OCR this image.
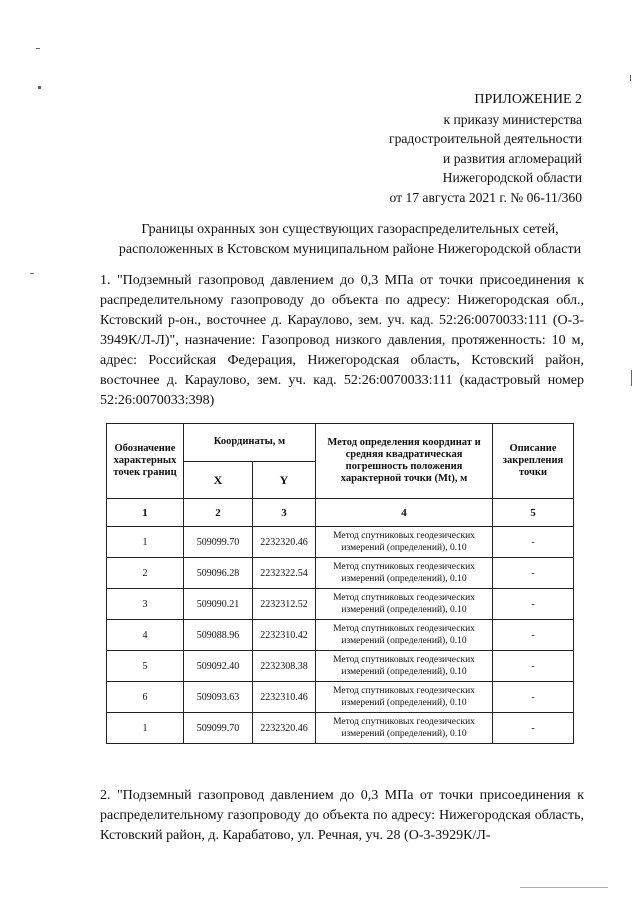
ПРИЛОЖЕНИЕ 2
к приказу министерства
градостроительной деятельности
и развития агломераций
Нижегородской области
от 17 августа 2021 г. № 06-11/360
Границы охранных зон существующих газораспределительных сетей,
расположенных в Кстовском муниципальном районе Нижегородской области
1. "Подземный газопровод давлением до 0,3 МПа от точки присоединения к распределительному газопроводу до объекта по адресу: Нижегородская обл., Кстовский р-он., восточнее д. Караулово, зем. уч. кад. 52:26:0070033:111 (О-3-3949К/Л-Л)", назначение: Газопровод низкого давления, протяженность: 10 м, адрес: Российская Федерация, Нижегородская область, Кстовский район, восточнее д. Караулово, зем. уч. кад. 52:26:0070033:111 (кадастровый номер 52:26:0070033:398)
Обозначение характерных точек границ	Координаты, м		Метод определения координат и средняя квадратическая погрешность положения характерной точки (Mt), м	Описание закрепления точки
	X	Y		
1	2	3	4	5
1	509099.70	2232320.46	Метод спутниковых геодезических измерений (определений), 0.10	-
2	509096.28	2232322.54	Метод спутниковых геодезических измерений (определений), 0.10	-
3	509090.21	2232312.52	Метод спутниковых геодезических измерений (определений), 0.10	-
4	509088.96	2232310.42	Метод спутниковых геодезических измерений (определений), 0.10	-
5	509092.40	2232308.38	Метод спутниковых геодезических измерений (определений), 0.10	-
6	509093.63	2232310.46	Метод спутниковых геодезических измерений (определений), 0.10	-
1	509099.70	2232320.46	Метод спутниковых геодезических измерений (определений), 0.10	-
2. "Подземный газопровод давлением до 0,3 МПа от точки присоединения к распределительному газопроводу до объекта по адресу: Нижегородская область, Кстовский район, д. Карабатово, ул. Речная, уч. 28 (О-3-3929К/Л-
